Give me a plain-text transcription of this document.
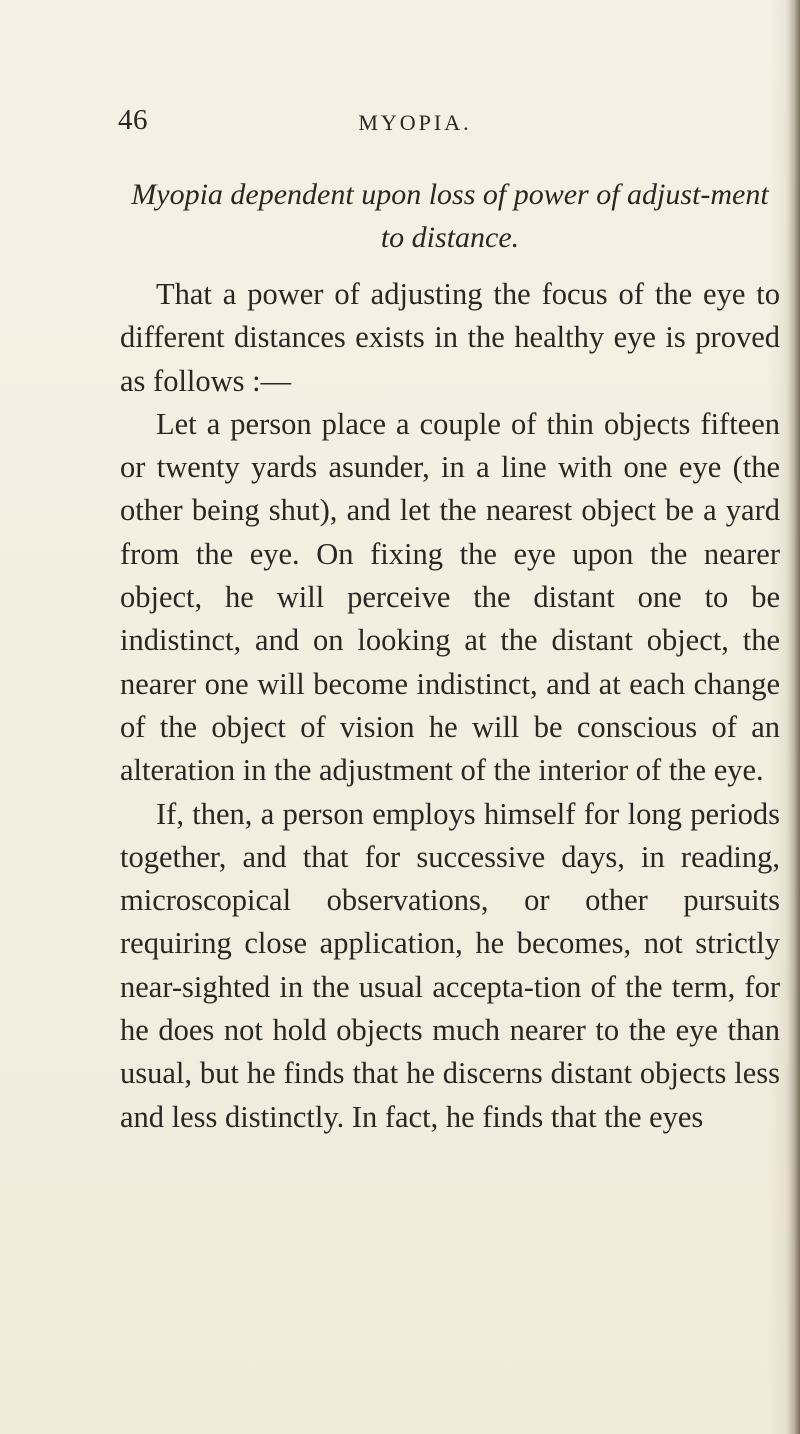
46	MYOPIA.

Myopia dependent upon loss of power of adjust-ment to distance.

That a power of adjusting the focus of the eye to different distances exists in the healthy eye is proved as follows :—

Let a person place a couple of thin objects fifteen or twenty yards asunder, in a line with one eye (the other being shut), and let the nearest object be a yard from the eye. On fixing the eye upon the nearer object, he will perceive the distant one to be indistinct, and on looking at the distant object, the nearer one will become indistinct, and at each change of the object of vision he will be conscious of an alteration in the adjustment of the interior of the eye.

If, then, a person employs himself for long periods together, and that for successive days, in reading, microscopical observations, or other pursuits requiring close application, he becomes, not strictly near-sighted in the usual accepta-tion of the term, for he does not hold objects much nearer to the eye than usual, but he finds that he discerns distant objects less and less distinctly. In fact, he finds that the eyes
